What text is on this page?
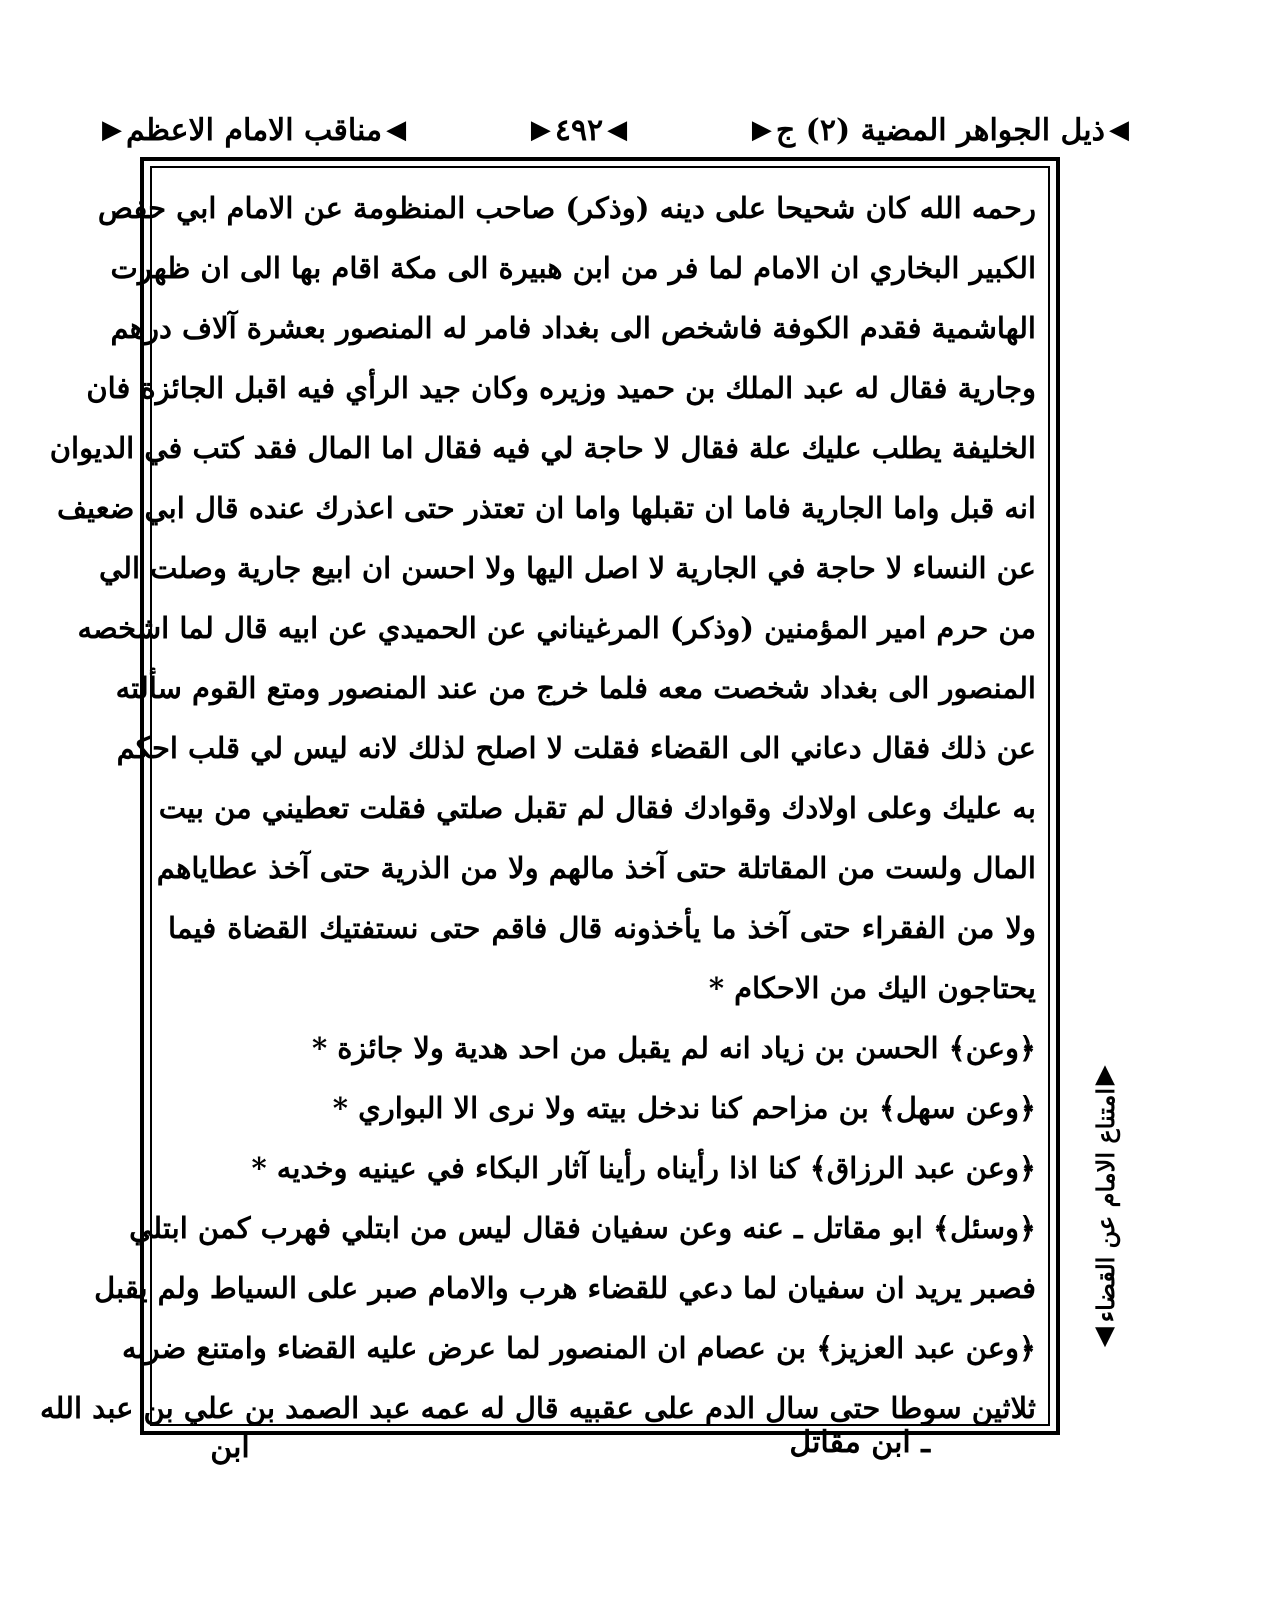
◀
ذيل الجواهر المضية (٢) ج
▶
◀
٤٩٢
▶
◀
مناقب الامام الاعظم
▶
رحمه الله كان شحيحا على دينه (وذكر) صاحب المنظومة عن الامام ابي حفص
الكبير البخاري ان الامام لما فر من ابن هبيرة الى مكة اقام بها الى ان ظهرت
الهاشمية فقدم الكوفة فاشخص الى بغداد فامر له المنصور بعشرة آلاف درهم
وجارية فقال له عبد الملك بن حميد وزيره وكان جيد الرأي فيه اقبل الجائزة فان
الخليفة يطلب عليك علة فقال لا حاجة لي فيه فقال اما المال فقد كتب في الديوان
انه قبل واما الجارية فاما ان تقبلها واما ان تعتذر حتى اعذرك عنده قال ابي ضعيف
عن النساء لا حاجة في الجارية لا اصل اليها ولا احسن ان ابيع جارية وصلت الي
من حرم امير المؤمنين (وذكر) المرغيناني عن الحميدي عن ابيه قال لما اشخصه
المنصور الى بغداد شخصت معه فلما خرج من عند المنصور ومتع القوم سألته
عن ذلك فقال دعاني الى القضاء فقلت لا اصلح لذلك لانه ليس لي قلب احكم
به عليك وعلى اولادك وقوادك فقال لم تقبل صلتي فقلت تعطيني من بيت
المال ولست من المقاتلة حتى آخذ مالهم ولا من الذرية حتى آخذ عطاياهم
ولا من الفقراء حتى آخذ ما يأخذونه قال فاقم حتى نستفتيك القضاة فيما
يحتاجون اليك من الاحكام *
﴿وعن﴾ الحسن بن زياد انه لم يقبل من احد هدية ولا جائزة *
﴿وعن سهل﴾ بن مزاحم كنا ندخل بيته ولا نرى الا البواري *
﴿وعن عبد الرزاق﴾ كنا اذا رأيناه رأينا آثار البكاء في عينيه وخديه *
﴿وسئل﴾ ابو مقاتل ـ عنه وعن سفيان فقال ليس من ابتلي فهرب كمن ابتلي
فصبر يريد ان سفيان لما دعي للقضاء هرب والامام صبر على السياط ولم يقبل
﴿وعن عبد العزيز﴾ بن عصام ان المنصور لما عرض عليه القضاء وامتنع ضربه
ثلاثين سوطا حتى سال الدم على عقبيه قال له عمه عبد الصمد بن علي بن عبد الله
▲
امتناع الامام عن القضاء
▼
ـ ابن مقاتل
ابن
